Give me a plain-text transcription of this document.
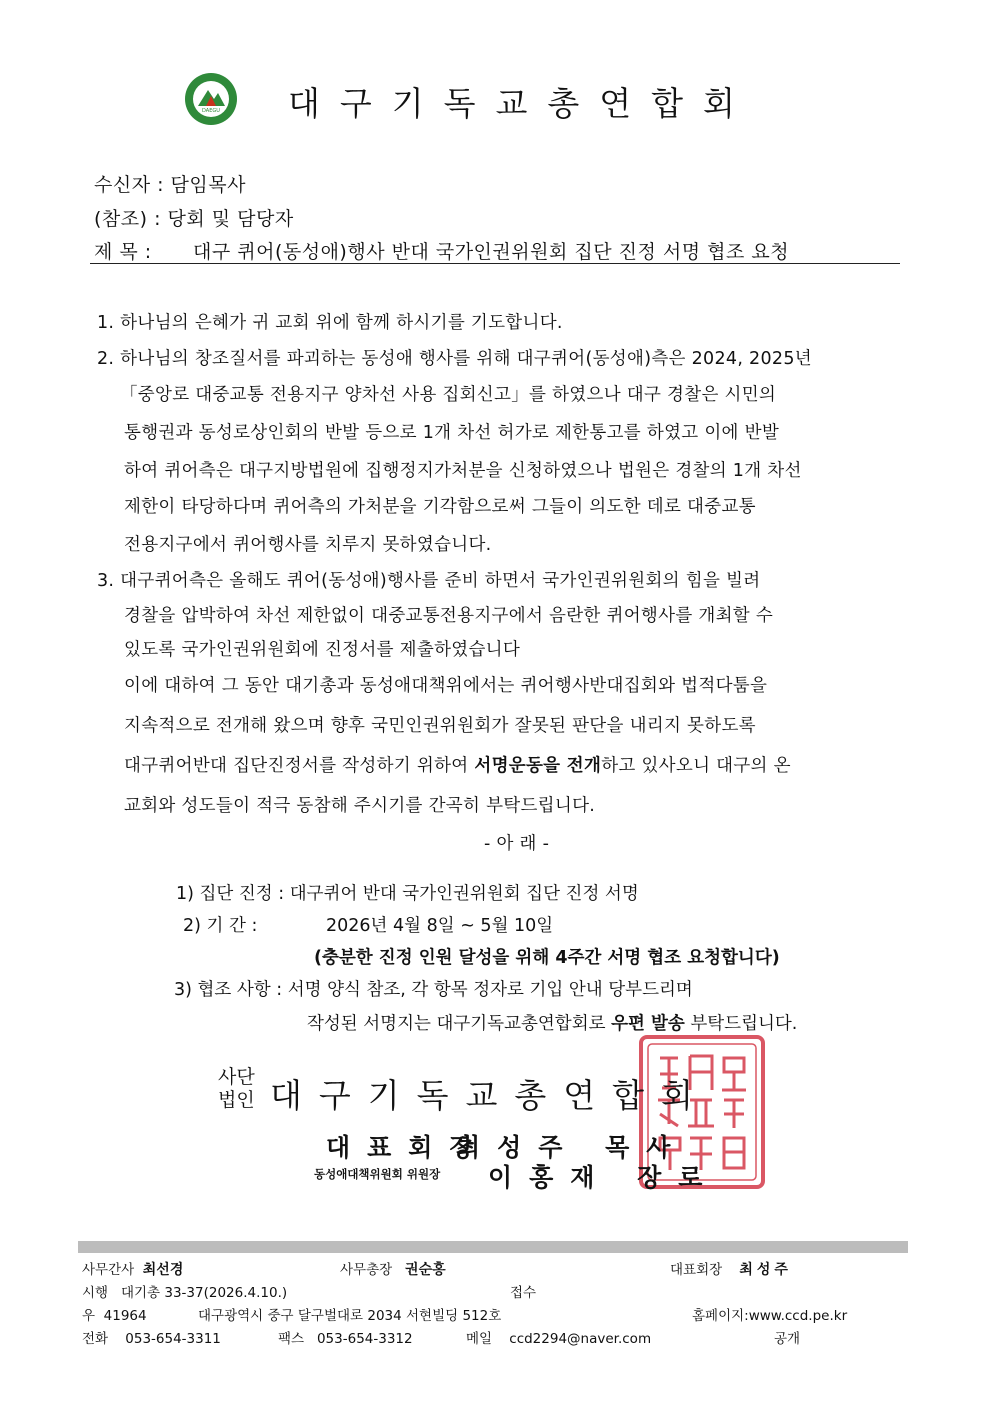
DAEGU 대구기독교총연합회
수신자 : 담임목사
(참조) : 당회 및 담당자
제 목 : 대구 퀴어(동성애)행사 반대 국가인권위원회 집단 진정 서명 협조 요청
1. 하나님의 은혜가 귀 교회 위에 함께 하시기를 기도합니다.
2. 하나님의 창조질서를 파괴하는 동성애 행사를 위해 대구퀴어(동성애)측은 2024, 2025년
「중앙로 대중교통 전용지구 양차선 사용 집회신고」를 하였으나 대구 경찰은 시민의
통행권과 동성로상인회의 반발 등으로 1개 차선 허가로 제한통고를 하였고 이에 반발
하여 퀴어측은 대구지방법원에 집행정지가처분을 신청하였으나 법원은 경찰의 1개 차선
제한이 타당하다며 퀴어측의 가처분을 기각함으로써 그들이 의도한 데로 대중교통
전용지구에서 퀴어행사를 치루지 못하였습니다.
3. 대구퀴어측은 올해도 퀴어(동성애)행사를 준비 하면서 국가인권위원회의 힘을 빌려
경찰을 압박하여 차선 제한없이 대중교통전용지구에서 음란한 퀴어행사를 개최할 수
있도록 국가인권위원회에 진정서를 제출하였습니다
이에 대하여 그 동안 대기총과 동성애대책위에서는 퀴어행사반대집회와 법적다툼을
지속적으로 전개해 왔으며 향후 국민인권위원회가 잘못된 판단을 내리지 못하도록
대구퀴어반대 집단진정서를 작성하기 위하여 서명운동을 전개하고 있사오니 대구의 온
교회와 성도들이 적극 동참해 주시기를 간곡히 부탁드립니다.
- 아 래 -
1) 집단 진정 : 대구퀴어 반대 국가인권위원회 집단 진정 서명
2) 기 간 :	2026년 4월 8일 ~ 5월 10일
(충분한 진정 인원 달성을 위해 4주간 서명 협조 요청합니다)
3) 협조 사항 : 서명 양식 참조, 각 항목 정자로 기입 안내 당부드리며
작성된 서명지는 대구기독교총연합회로 우편 발송 부탁드립니다.
사단
법인 대구기독교총연합회
대표회장
최성주 목사
동성애대책위원회 위원장 이홍재 장로
사무간사 최선경	사무총장 권순홍	대표회장 최성주
시행 대기총 33-37(2026.4.10.)	접수
우 41964	대구광역시 중구 달구벌대로 2034 서현빌딩 512호	홈페이지:www.ccd.pe.kr
전화 053-654-3311	팩스 053-654-3312	메일 ccd2294@naver.com	공개
